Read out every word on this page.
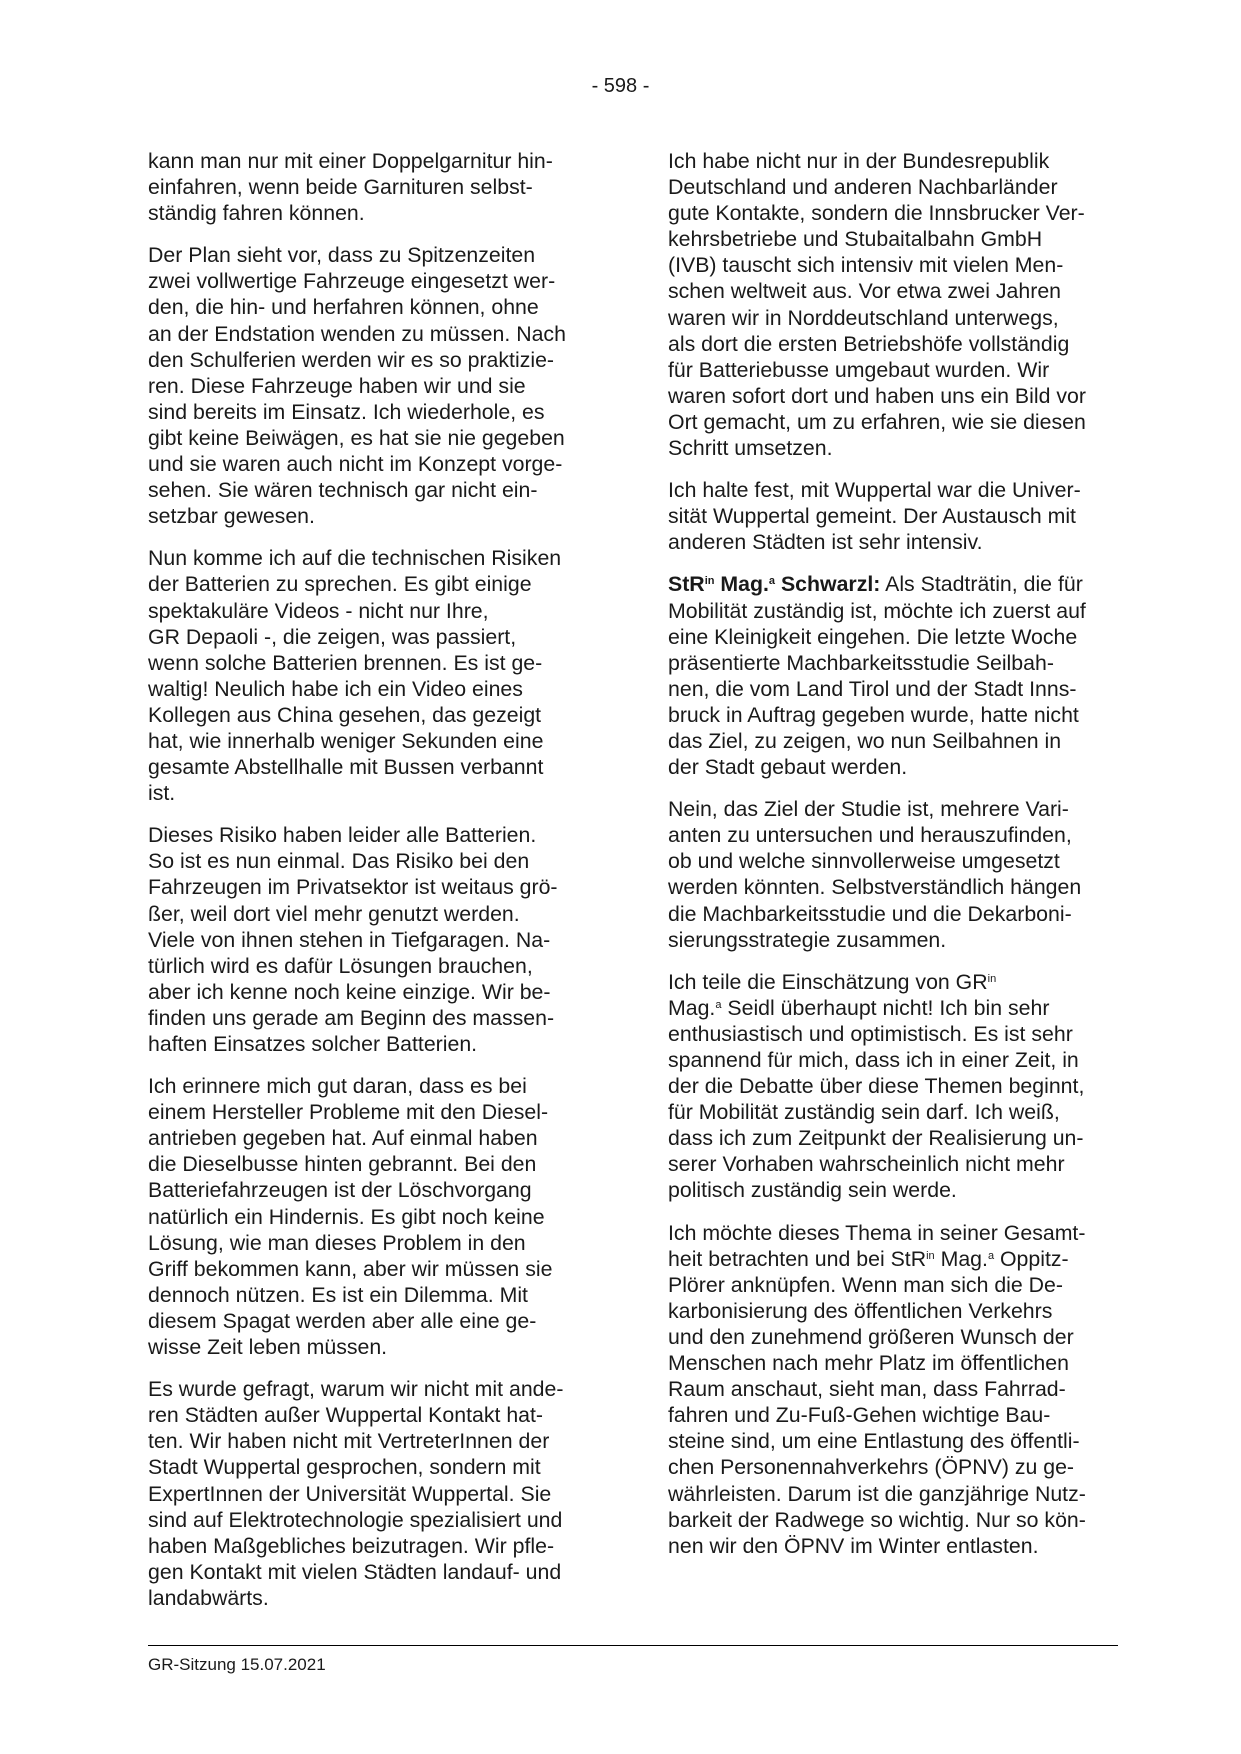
- 598 -

kann man nur mit einer Doppelgarnitur hin-
einfahren, wenn beide Garnituren selbst-
ständig fahren können.

Der Plan sieht vor, dass zu Spitzenzeiten
zwei vollwertige Fahrzeuge eingesetzt wer-
den, die hin- und herfahren können, ohne
an der Endstation wenden zu müssen. Nach
den Schulferien werden wir es so praktizie-
ren. Diese Fahrzeuge haben wir und sie
sind bereits im Einsatz. Ich wiederhole, es
gibt keine Beiwägen, es hat sie nie gegeben
und sie waren auch nicht im Konzept vorge-
sehen. Sie wären technisch gar nicht ein-
setzbar gewesen.

Nun komme ich auf die technischen Risiken
der Batterien zu sprechen. Es gibt einige
spektakuläre Videos - nicht nur Ihre,
GR Depaoli -, die zeigen, was passiert,
wenn solche Batterien brennen. Es ist ge-
waltig! Neulich habe ich ein Video eines
Kollegen aus China gesehen, das gezeigt
hat, wie innerhalb weniger Sekunden eine
gesamte Abstellhalle mit Bussen verbannt
ist.

Dieses Risiko haben leider alle Batterien.
So ist es nun einmal. Das Risiko bei den
Fahrzeugen im Privatsektor ist weitaus grö-
ßer, weil dort viel mehr genutzt werden.
Viele von ihnen stehen in Tiefgaragen. Na-
türlich wird es dafür Lösungen brauchen,
aber ich kenne noch keine einzige. Wir be-
finden uns gerade am Beginn des massen-
haften Einsatzes solcher Batterien.

Ich erinnere mich gut daran, dass es bei
einem Hersteller Probleme mit den Diesel-
antrieben gegeben hat. Auf einmal haben
die Dieselbusse hinten gebrannt. Bei den
Batteriefahrzeugen ist der Löschvorgang
natürlich ein Hindernis. Es gibt noch keine
Lösung, wie man dieses Problem in den
Griff bekommen kann, aber wir müssen sie
dennoch nützen. Es ist ein Dilemma. Mit
diesem Spagat werden aber alle eine ge-
wisse Zeit leben müssen.

Es wurde gefragt, warum wir nicht mit ande-
ren Städten außer Wuppertal Kontakt hat-
ten. Wir haben nicht mit VertreterInnen der
Stadt Wuppertal gesprochen, sondern mit
ExpertInnen der Universität Wuppertal. Sie
sind auf Elektrotechnologie spezialisiert und
haben Maßgebliches beizutragen. Wir pfle-
gen Kontakt mit vielen Städten landauf- und
landabwärts.

Ich habe nicht nur in der Bundesrepublik
Deutschland und anderen Nachbarländer
gute Kontakte, sondern die Innsbrucker Ver-
kehrsbetriebe und Stubaitalbahn GmbH
(IVB) tauscht sich intensiv mit vielen Men-
schen weltweit aus. Vor etwa zwei Jahren
waren wir in Norddeutschland unterwegs,
als dort die ersten Betriebshöfe vollständig
für Batteriebusse umgebaut wurden. Wir
waren sofort dort und haben uns ein Bild vor
Ort gemacht, um zu erfahren, wie sie diesen
Schritt umsetzen.

Ich halte fest, mit Wuppertal war die Univer-
sität Wuppertal gemeint. Der Austausch mit
anderen Städten ist sehr intensiv.

StR$^{in}$ Mag.$^a$ Schwarzl: Als Stadträtin, die für
Mobilität zuständig ist, möchte ich zuerst auf
eine Kleinigkeit eingehen. Die letzte Woche
präsentierte Machbarkeitsstudie Seilbah-
nen, die vom Land Tirol und der Stadt Inns-
bruck in Auftrag gegeben wurde, hatte nicht
das Ziel, zu zeigen, wo nun Seilbahnen in
der Stadt gebaut werden.

Nein, das Ziel der Studie ist, mehrere Vari-
anten zu untersuchen und herauszufinden,
ob und welche sinnvollerweise umgesetzt
werden könnten. Selbstverständlich hängen
die Machbarkeitsstudie und die Dekarboni-
sierungsstrategie zusammen.

Ich teile die Einschätzung von $GR^{in}$
Mag.$^a$ Seidl überhaupt nicht! Ich bin sehr
enthusiastisch und optimistisch. Es ist sehr
spannend für mich, dass ich in einer Zeit, in
der die Debatte über diese Themen beginnt,
für Mobilität zuständig sein darf. Ich weiß,
dass ich zum Zeitpunkt der Realisierung un-
serer Vorhaben wahrscheinlich nicht mehr
politisch zuständig sein werde.

Ich möchte dieses Thema in seiner Gesamt-
heit betrachten und bei StR$^{in}$ Mag.$^a$ Oppitz-
Plörer anknüpfen. Wenn man sich die De-
karbonisierung des öffentlichen Verkehrs
und den zunehmend größeren Wunsch der
Menschen nach mehr Platz im öffentlichen
Raum anschaut, sieht man, dass Fahrrad-
fahren und Zu-Fuß-Gehen wichtige Bau-
steine sind, um eine Entlastung des öffentli-
chen Personennahverkehrs (ÖPNV) zu ge-
währleisten. Darum ist die ganzjährige Nutz-
barkeit der Radwege so wichtig. Nur so kön-
nen wir den ÖPNV im Winter entlasten.

GR-Sitzung 15.07.2021
